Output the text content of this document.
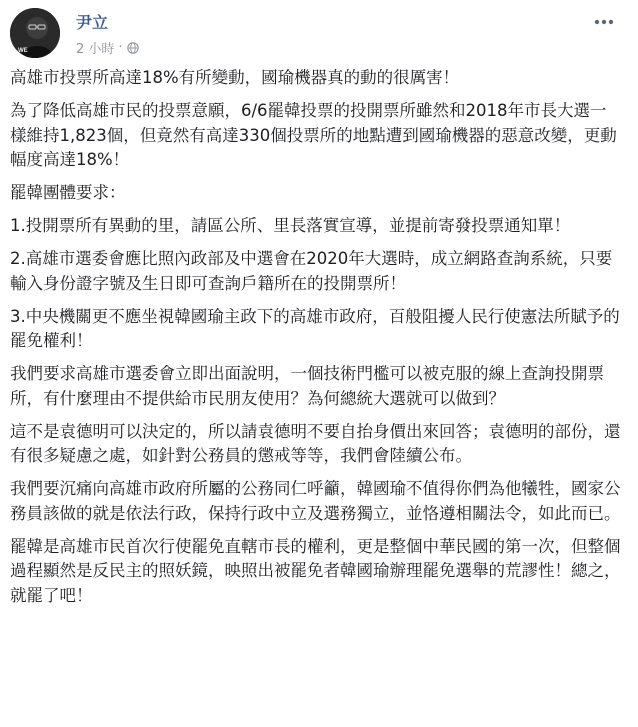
WE
尹立
2 小時 ·

高雄市投票所高達18%有所變動，國瑜機器真的動的很厲害！

為了降低高雄市民的投票意願，6/6罷韓投票的投開票所雖然和2018年市長大選一樣維持1,823個，但竟然有高達330個投票所的地點遭到國瑜機器的惡意改變，更動幅度高達18%！

罷韓團體要求：

1.投開票所有異動的里，請區公所、里長落實宣導，並提前寄發投票通知單！

2.高雄市選委會應比照內政部及中選會在2020年大選時，成立網路查詢系統，只要輸入身份證字號及生日即可查詢戶籍所在的投開票所！

3.中央機關更不應坐視韓國瑜主政下的高雄市政府，百般阻擾人民行使憲法所賦予的罷免權利！

我們要求高雄市選委會立即出面說明，一個技術門檻可以被克服的線上查詢投開票所，有什麼理由不提供給市民朋友使用？為何總統大選就可以做到？

這不是袁德明可以決定的，所以請袁德明不要自抬身價出來回答；袁德明的部份，還有很多疑慮之處，如針對公務員的懲戒等等，我們會陸續公布。

我們要沉痛向高雄市政府所屬的公務同仁呼籲，韓國瑜不值得你們為他犧牲，國家公務員該做的就是依法行政，保持行政中立及選務獨立，並恪遵相關法令，如此而已。

罷韓是高雄市民首次行使罷免直轄市長的權利，更是整個中華民國的第一次，但整個過程顯然是反民主的照妖鏡，映照出被罷免者韓國瑜辦理罷免選舉的荒謬性！總之，就罷了吧！
